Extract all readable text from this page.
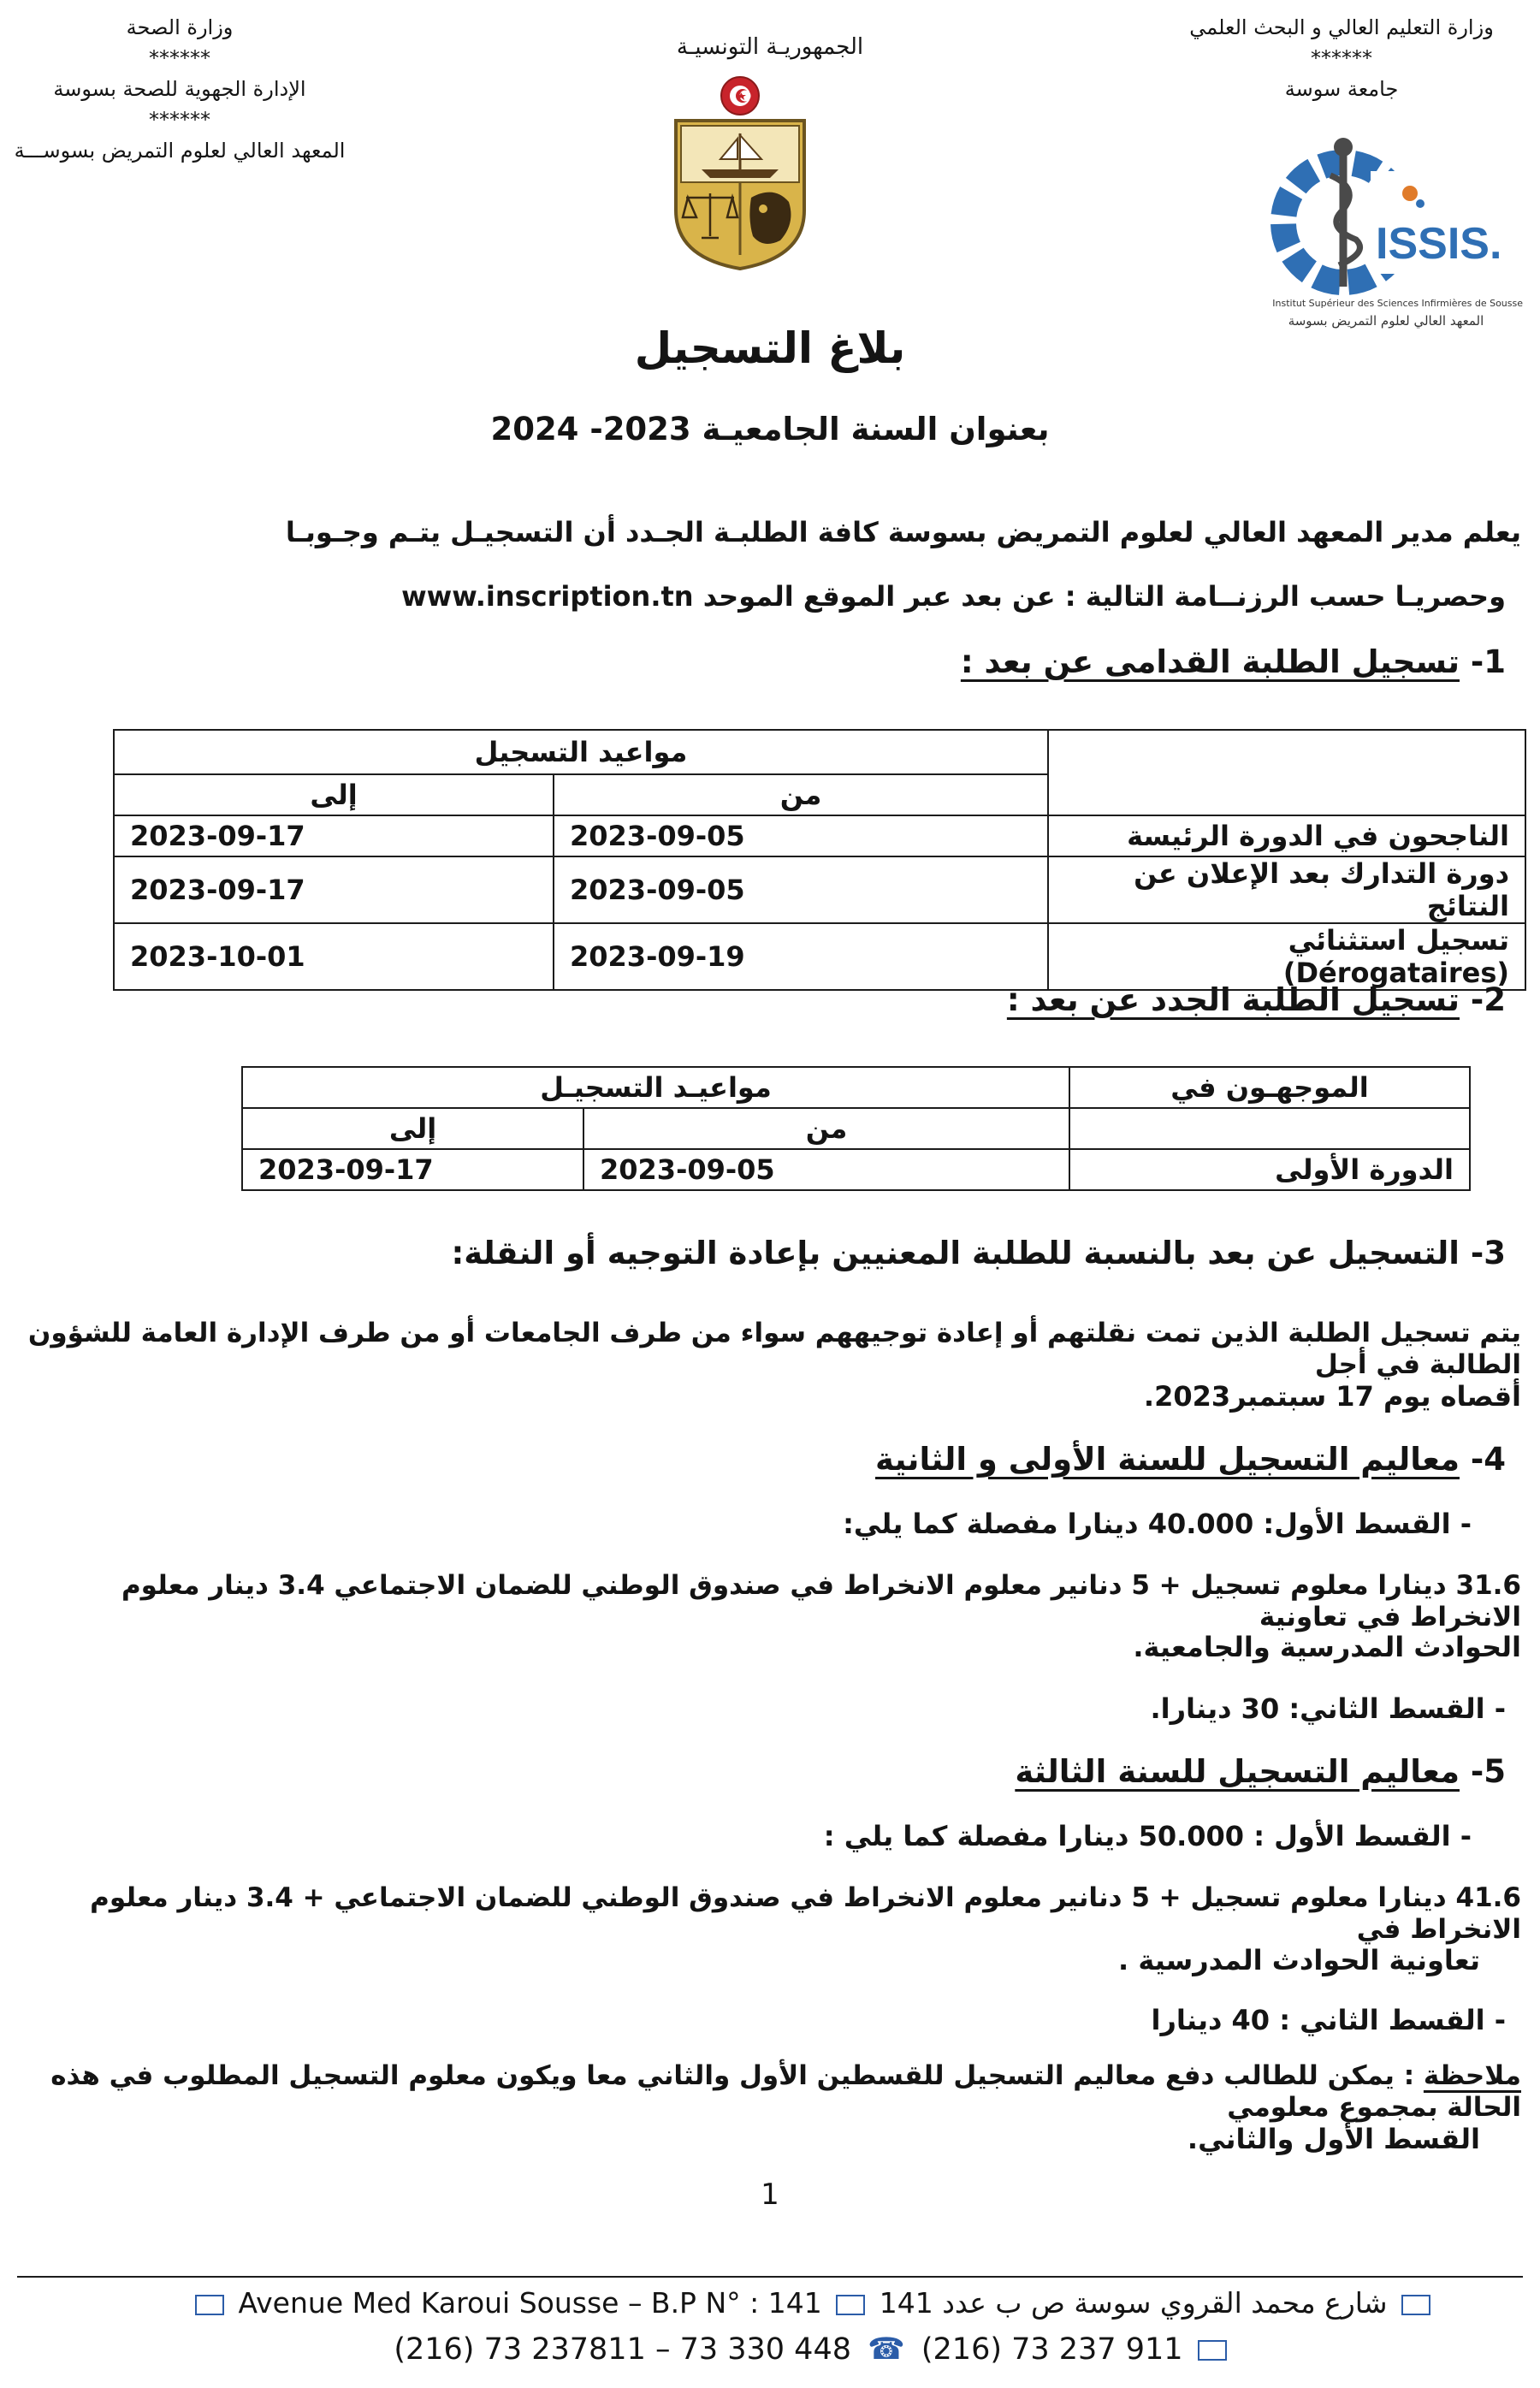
وزارة التعليم العالي و البحث العلمي
******
جامعة سوسة
وزارة الصحة
******
الإدارة الجهوية للصحة بسوسة
******
المعهد العالي لعلوم التمريض بسوســـة
الجمهوريـة التونسيـة
ISSIS.
Institut Supérieur des Sciences Infirmières de Sousse
المعهد العالي لعلوم التمريض بسوسة
بلاغ التسجيل
بعنوان السنة الجامعيـة 2023- 2024
يعلم مدير المعهد العالي لعلوم التمريض بسوسة كافة الطلبـة الجـدد أن التسجيـل يتـم وجـوبـا
وحصريـا حسب الرزنــامة التالية : عن بعد عبر الموقع الموحد www.inscription.tn
1- تسجيل الطلبة القدامى عن بعد :
	مواعيد التسجيل	
	من	إلى
الناجحون في الدورة الرئيسة	2023-09-05	2023-09-17
دورة التدارك بعد الإعلان عن النتائج	2023-09-05	2023-09-17
تسجيل استثنائي (Dérogataires)	2023-09-19	2023-10-01
2- تسجيل الطلبة الجدد عن بعد :
الموجهـون في	مواعيـد التسجيـل	
	من	إلى
الدورة الأولى	2023-09-05	2023-09-17
3- التسجيل عن بعد بالنسبة للطلبة المعنيين بإعادة التوجيه أو النقلة:
يتم تسجيل الطلبة الذين تمت نقلتهم أو إعادة توجيههم سواء من طرف الجامعات أو من طرف الإدارة العامة للشؤون الطالبة في أجل
أقصاه يوم 17 سبتمبر2023.
4- معاليم التسجيل للسنة الأولى و الثانية
- القسط الأول: 40.000 دينارا مفصلة كما يلي:
31.6 دينارا معلوم تسجيل + 5 دنانير معلوم الانخراط في صندوق الوطني للضمان الاجتماعي 3.4 دينار معلوم الانخراط في تعاونية
الحوادث المدرسية والجامعية.
- القسط الثاني: 30 دينارا.
5- معاليم التسجيل للسنة الثالثة
- القسط الأول : 50.000 دينارا مفصلة كما يلي :
41.6 دينارا معلوم تسجيل + 5 دنانير معلوم الانخراط في صندوق الوطني للضمان الاجتماعي + 3.4 دينار معلوم الانخراط في
تعاونية الحوادث المدرسية .
- القسط الثاني : 40 دينارا
ملاحظة : يمكن للطالب دفع معاليم التسجيل للقسطين الأول والثاني معا ويكون معلوم التسجيل المطلوب في هذه الحالة بمجموع معلومي
القسط الأول والثاني.
1
شارع محمد القروي سوسة ص ب عدد 141  Avenue Med Karoui Sousse – B.P N° : 141
(216) 73 237811 – 73 330 448 ☎ (216) 73 237 911
